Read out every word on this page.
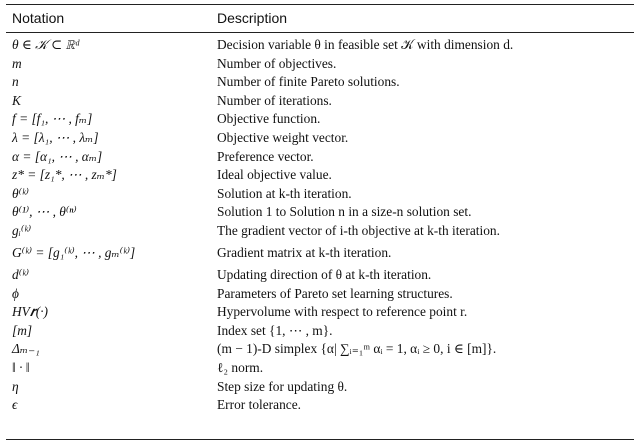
Notation	Description
θ ∈ 𝒦 ⊂ ℝᵈ	Decision variable θ in feasible set 𝒦 with dimension d.
m	Number of objectives.
n	Number of finite Pareto solutions.
K	Number of iterations.
f = [f₁, ⋯ , fₘ]	Objective function.
λ = [λ₁, ⋯ , λₘ]	Objective weight vector.
α = [α₁, ⋯ , αₘ]	Preference vector.
z* = [z₁*, ⋯ , zₘ*]	Ideal objective value.
θ⁽ᵏ⁾	Solution at k-th iteration.
θ⁽¹⁾, ⋯ , θ⁽ⁿ⁾	Solution 1 to Solution n in a size-n solution set.
gᵢ⁽ᵏ⁾	The gradient vector of i-th objective at k-th iteration.
G⁽ᵏ⁾ = [g₁⁽ᵏ⁾, ⋯ , gₘ⁽ᵏ⁾]	Gradient matrix at k-th iteration.
d⁽ᵏ⁾	Updating direction of θ at k-th iteration.
ϕ	Parameters of Pareto set learning structures.
HV𝒓(·)	Hypervolume with respect to reference point r.
[m]	Index set {1, ⋯ , m}.
Δₘ₋₁	(m − 1)-D simplex {α| ∑ᵢ₌₁ᵐ αᵢ = 1, αᵢ ≥ 0, i ∈ [m]}.
‖ · ‖	ℓ₂ norm.
η	Step size for updating θ.
ϵ	Error tolerance.
